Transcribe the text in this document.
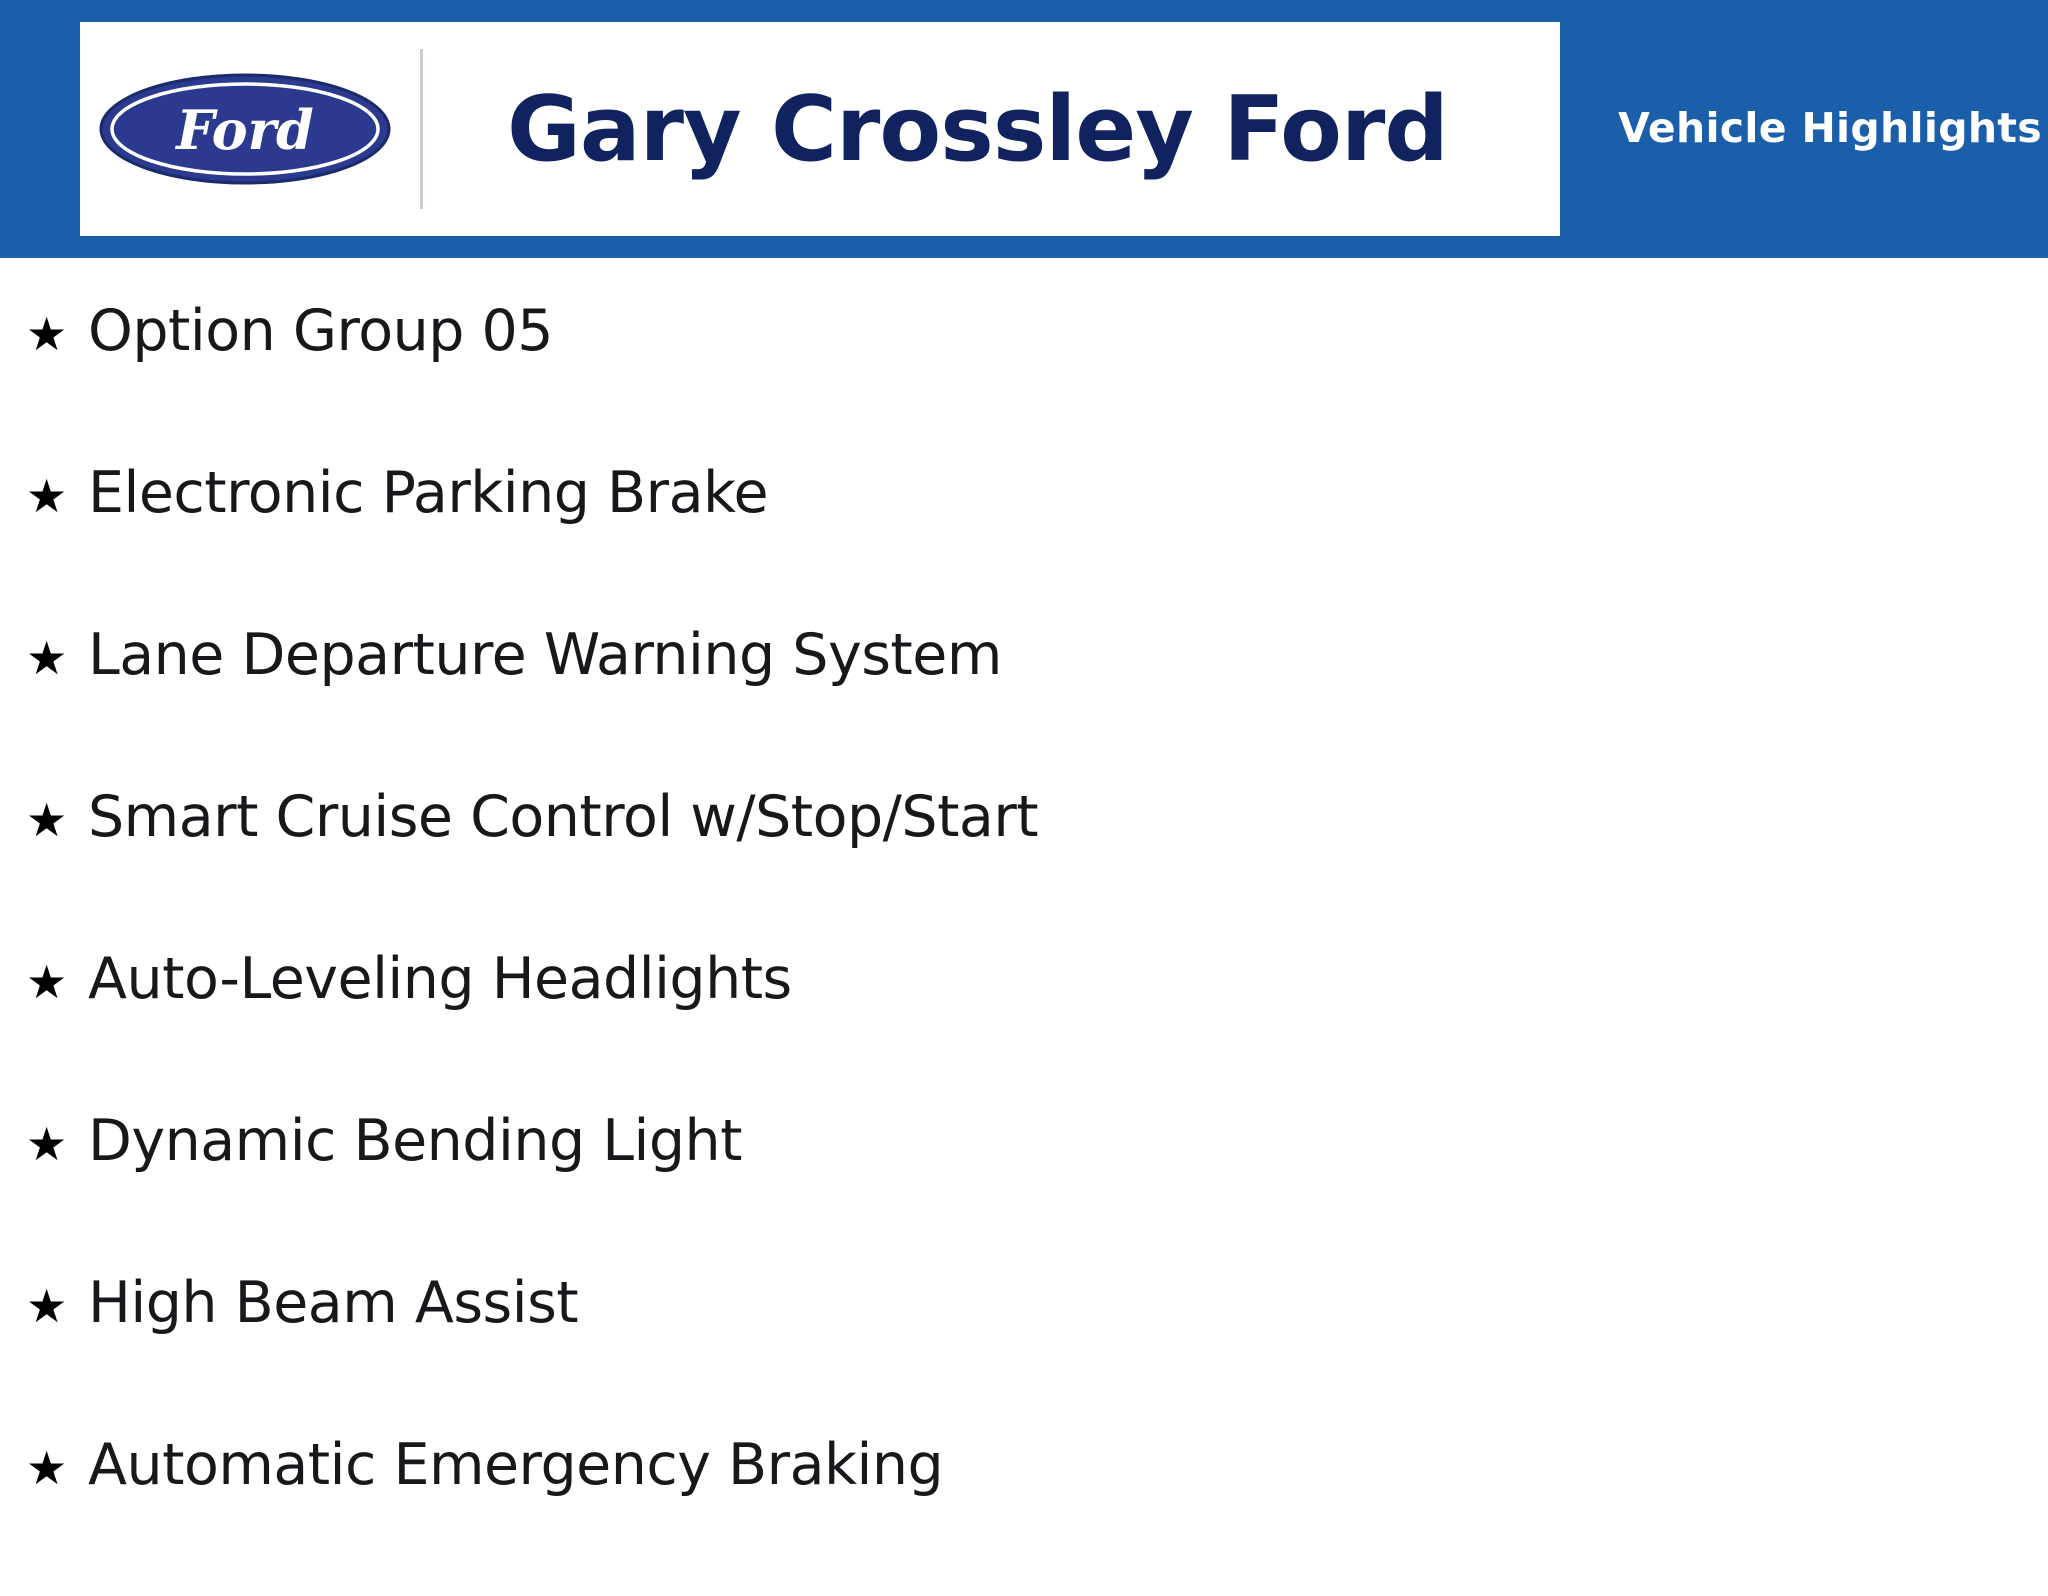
Ford	Gary Crossley Ford	Vehicle Highlights
★ Option Group 05
★ Electronic Parking Brake
★ Lane Departure Warning System
★ Smart Cruise Control w/Stop/Start
★ Auto-Leveling Headlights
★ Dynamic Bending Light
★ High Beam Assist
★ Automatic Emergency Braking
